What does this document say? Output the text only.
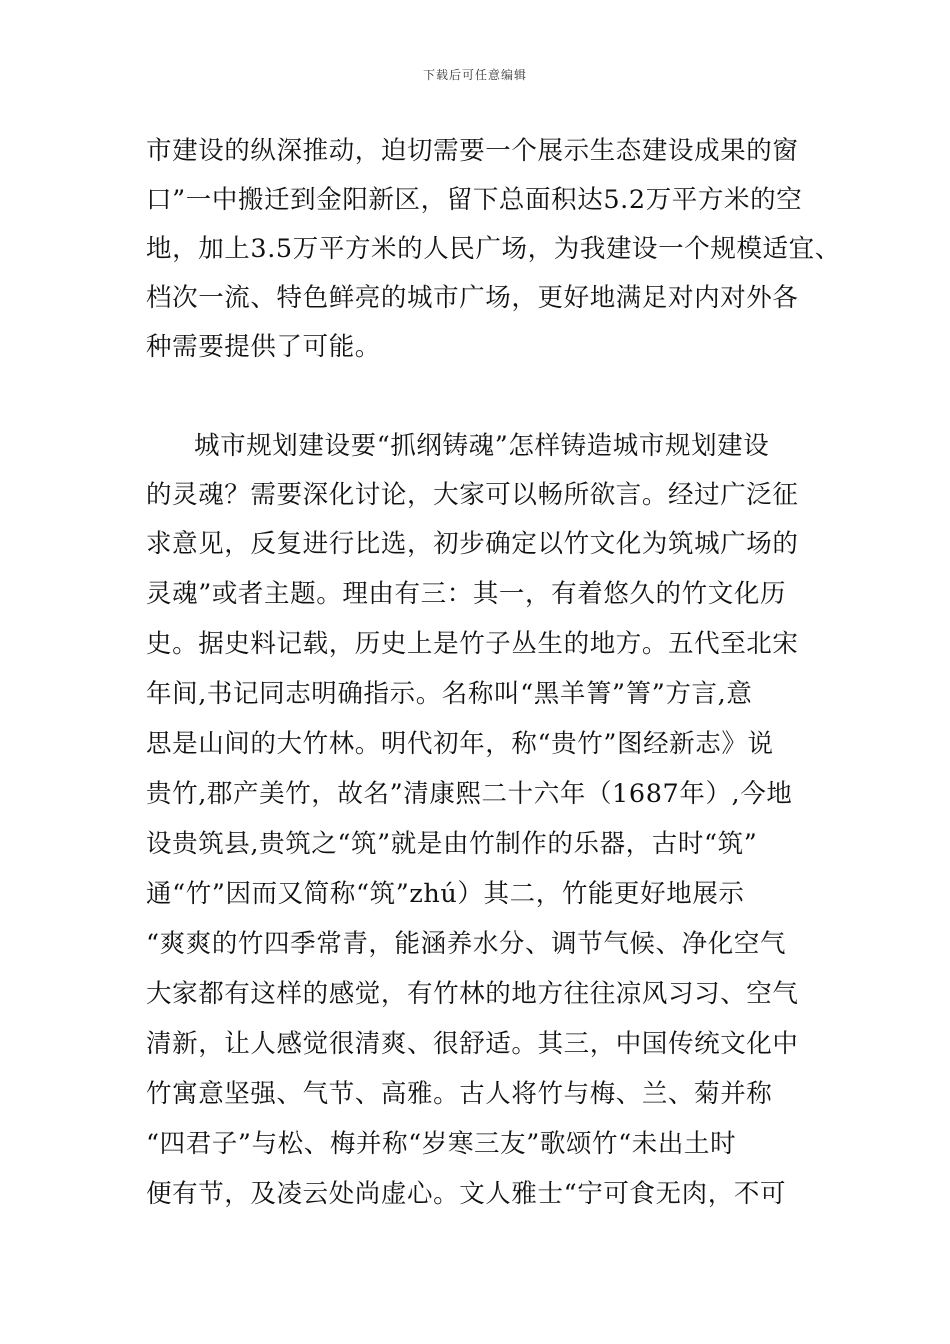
下载后可任意编辑
市建设的纵深推动，迫切需要一个展示生态建设成果的窗
口”一中搬迁到金阳新区，留下总面积达5.2万平方米的空
地，加上3.5万平方米的人民广场，为我建设一个规模适宜、
档次一流、特色鲜亮的城市广场，更好地满足对内对外各
种需要提供了可能。
城市规划建设要“抓纲铸魂”怎样铸造城市规划建设
的灵魂？需要深化讨论，大家可以畅所欲言。经过广泛征
求意见，反复进行比选，初步确定以竹文化为筑城广场的
灵魂”或者主题。理由有三：其一，有着悠久的竹文化历
史。据史料记载，历史上是竹子丛生的地方。五代至北宋
年间,书记同志明确指示。名称叫“黑羊箐”箐”方言,意
思是山间的大竹林。明代初年，称“贵竹”图经新志》说
贵竹,郡产美竹，故名”清康熙二十六年（1687年）,今地
设贵筑县,贵筑之“筑”就是由竹制作的乐器，古时“筑”
通“竹”因而又简称“筑”zhú）其二，竹能更好地展示
“爽爽的竹四季常青，能涵养水分、调节气候、净化空气
大家都有这样的感觉，有竹林的地方往往凉风习习、空气
清新，让人感觉很清爽、很舒适。其三，中国传统文化中
竹寓意坚强、气节、高雅。古人将竹与梅、兰、菊并称
“四君子”与松、梅并称“岁寒三友”歌颂竹“未出土时
便有节，及凌云处尚虚心。文人雅士“宁可食无肉，不可
